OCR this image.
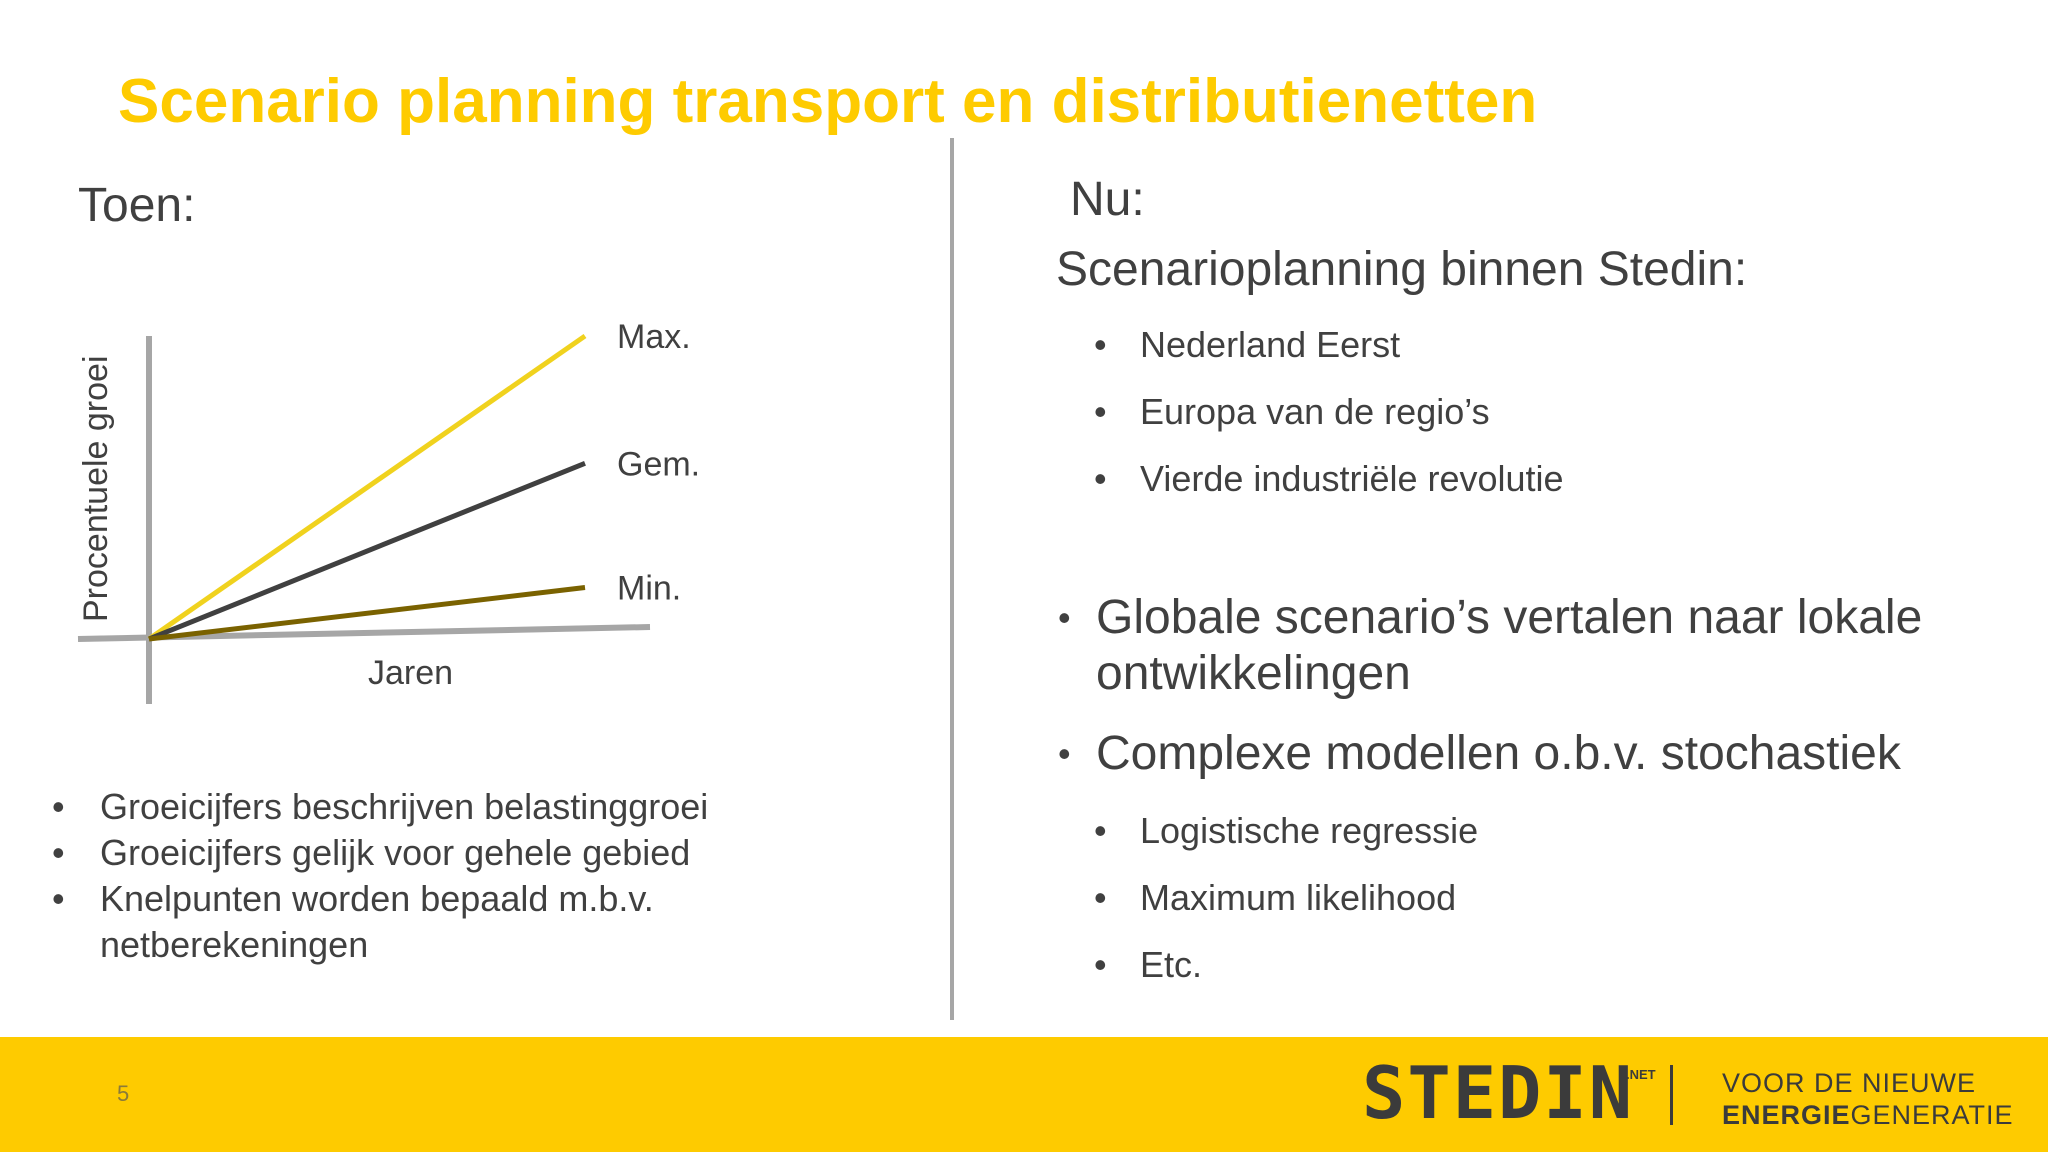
Scenario planning transport en distributienetten
Toen:
Max.
Gem.
Min.
Procentuele groei
Jaren
• Groeicijfers beschrijven belastinggroei
• Groeicijfers gelijk voor gehele gebied
• Knelpunten worden bepaald m.b.v. netberekeningen
Nu:
Scenarioplanning binnen Stedin:
• Nederland Eerst
• Europa van de regio’s
• Vierde industriële revolutie
• Globale scenario’s vertalen naar lokale ontwikkelingen
• Complexe modellen o.b.v. stochastiek
• Logistische regressie
• Maximum likelihood
• Etc.
5	STEDIN
.NET VOOR DE NIEUWE
ENERGIEGENERATIE
